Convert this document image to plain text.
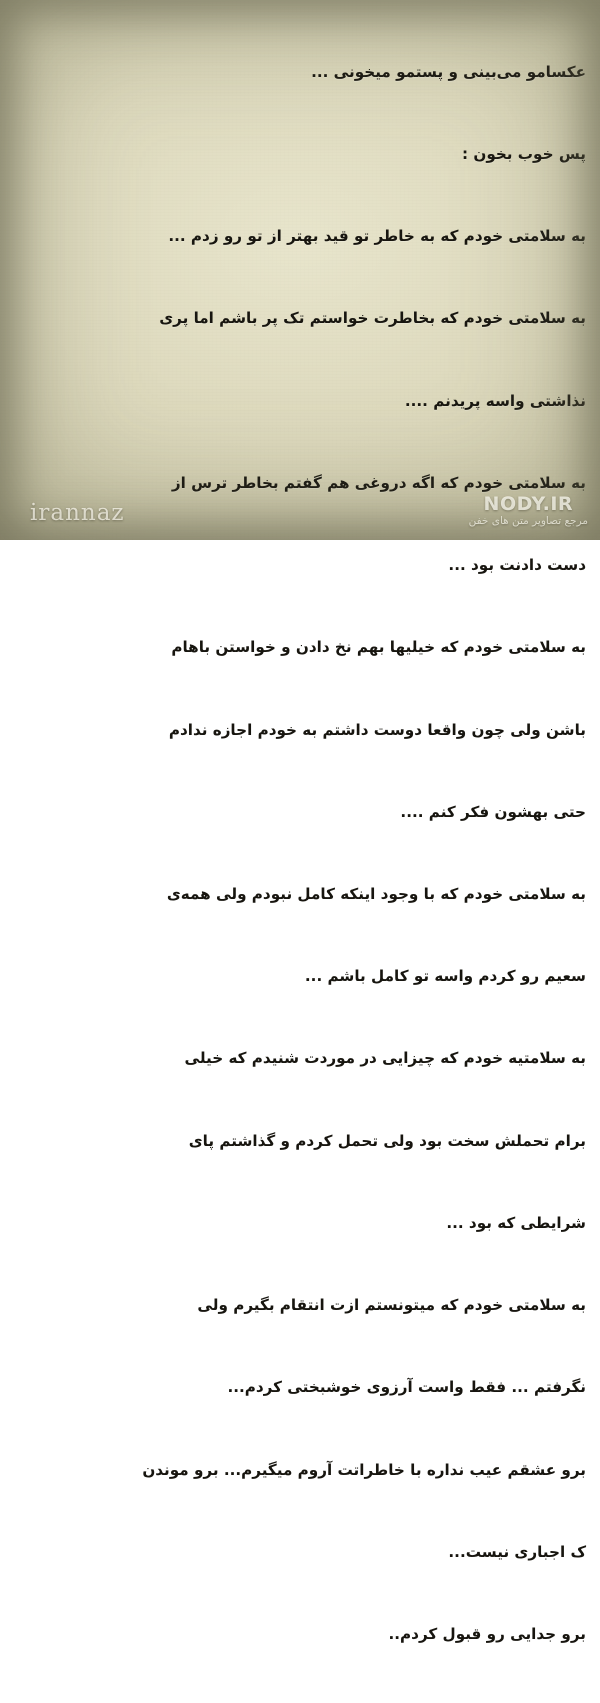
عکسامو می‌بینی و پستمو میخونی ...

پس خوب بخون :

به سلامتی خودم که به خاطر تو قید بهتر از تو رو زدم ...

به سلامتی خودم که بخاطرت خواستم تک پر باشم اما پری

نذاشتی واسه پریدنم ....

به سلامتی خودم که اگه دروغی هم گفتم بخاطر ترس از

دست دادنت بود ...

به سلامتی خودم که خیلیها بهم نخ دادن و خواستن باهام

باشن ولی چون واقعا دوست داشتم به خودم اجازه ندادم

حتی بهشون فکر کنم ....

به سلامتی خودم که با وجود اینکه کامل نبودم ولی همه‌ی

سعیم رو کردم واسه تو کامل باشم ...

به سلامتیه خودم که چیزایی در موردت شنیدم که خیلی

برام تحملش سخت بود ولی تحمل کردم و گذاشتم پای

شرایطی که بود ...

به سلامتی خودم که میتونستم ازت انتقام بگیرم ولی

نگرفتم ... فقط واست آرزوی خوشبختی کردم...

برو عشقم عیب نداره با خاطراتت آروم میگیرم... برو موندن

ک اجباری نیست...

برو جدایی رو قبول کردم..

irannaz	NODY.IR
مرجع تصاویر متن های خفن
